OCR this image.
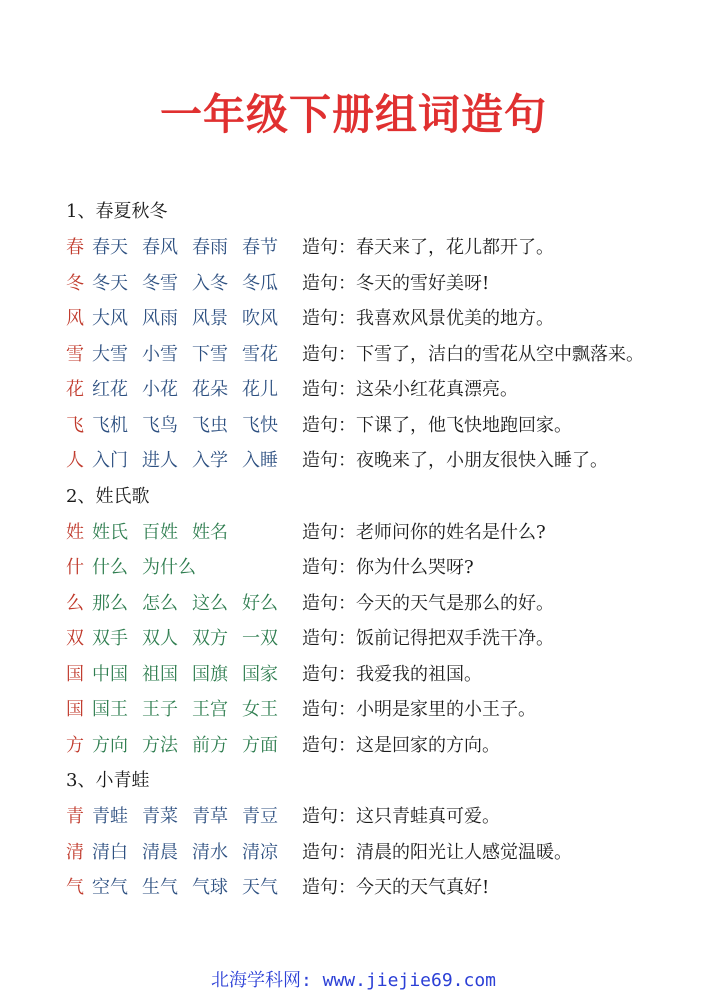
一年级下册组词造句
1、春夏秋冬
春 春天 春风 春雨 春节 造句：春天来了，花儿都开了。
冬 冬天 冬雪 入冬 冬瓜 造句：冬天的雪好美呀!
风 大风 风雨 风景 吹风 造句：我喜欢风景优美的地方。
雪 大雪 小雪 下雪 雪花 造句：下雪了，洁白的雪花从空中飘落来。
花 红花 小花 花朵 花儿 造句：这朵小红花真漂亮。
飞 飞机 飞鸟 飞虫 飞快 造句：下课了，他飞快地跑回家。
人 入门 进人 入学 入睡 造句：夜晚来了，小朋友很快入睡了。
2、姓氏歌
姓 姓氏 百姓 姓名	造句：老师问你的姓名是什么?
什 什么 为什么	造句：你为什么哭呀?
么 那么 怎么 这么 好么 造句：今天的天气是那么的好。
双 双手 双人 双方 一双 造句：饭前记得把双手洗干净。
国 中国 祖国 国旗 国家 造句：我爱我的祖国。
国 国王 王子 王宫 女王 造句：小明是家里的小王子。
方 方向 方法 前方 方面 造句：这是回家的方向。
3、小青蛙
青 青蛙 青菜 青草 青豆 造句：这只青蛙真可爱。
清 清白 清晨 清水 清凉 造句：清晨的阳光让人感觉温暖。
气 空气 生气 气球 天气 造句：今天的天气真好!
北海学科网: www.jiejie69.com
